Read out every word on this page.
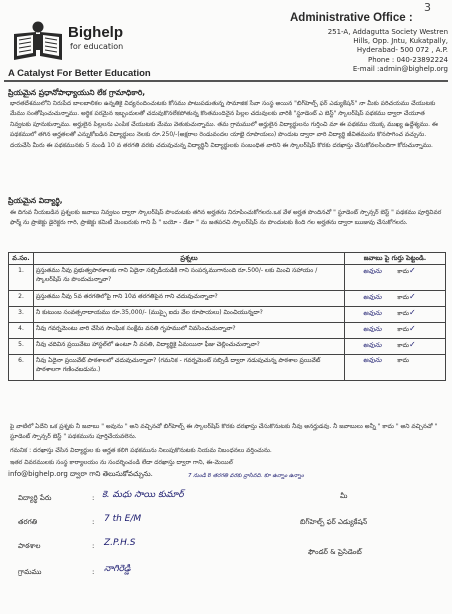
3
Bighelp
for education
Administrative Office :
251-A, Addagutta Society Westren
Hills, Opp. Jntu, Kukatpally,
Hyderabad- 500 072 , A.P.
Phone : 040-23892224
E-mail :admin@bighelp.org
A Catalyst For Better Education
ప్రియమైన ప్రధానోపాధ్యాయుని లేక గ్రామాధికారి,
భారతదేశములోని నిరుపేద బాలబాలికల ఉన్నతికై విద్యనందించుటకు కోసము పాటుపడుతున్న సామాజిక సేవా సంస్థ అయిన "బిగ్‌హెల్ప్ ఫర్ ఎడ్యుకేషన్" నా మీకు పరిచయము చేయుటకు మేము సంతోషించుచున్నాము. అర్థిక పరమైన ఇబ్బందులతో చదువుకొనలేకపోతున్న కొంతమందినైన పిల్లల చదువులకు వారికి "స్టూడెంట్ ఎ బెస్ట్" స్కాలర్‌షిప్ పథకము ద్వారా చేయూత నివ్వటకు పూనుకున్నాము. అర్హులైన పిల్లలను ఎంపిక చేయుటకు మేము వెతుకుచున్నాము. తమ గ్రామములో అర్హులైన విద్యార్థులను గుర్తించి మా ఈ పథకము యొక్క ముఖ్య ఉద్దేశ్యము. ఈ పథకములో తగిన అర్హతలతో ఎన్నుకోబడిన విద్యార్థులు నెలకు రూ.250/-(అక్షరాల రెండువందల యాభై రూపాయలు) పొందుట ద్వారా వారి విద్యార్థి జీవితమును కొనసాగించ వచ్చును. దయచేసి మీరు ఈ పథకమునకు 5 నుండి 10 వ తరగతి వరకు చదువుచున్న విద్యార్థినీ విద్యార్థులకు సంబంధిత వారిని ఈ స్కాలర్‌షిప్ కొరకు దరఖాస్తు చేసుకోవలసిందిగా కోరుచున్నాము.
ప్రియమైన విద్యార్థి,
ఈ దిగువ నీయబడిన ప్రశ్నలకు జవాబు నివ్వటం ద్వారా స్కాలర్‌షిప్ పొందుటకు తగిన అర్హతను నిరూపించుకోగలరు.ఒక వేళ అర్హత పొందినచో " స్టూడెంట్ స్పాన్సర్ బెస్ట్ " పథకము పూర్తివివర ఫార్మ్ ను ప్రాజెక్టు డైరెక్టరు గారి, ప్రాజెక్టు కమిటీ మెంబరుకు గాని పీ " బయో - డేటా " ను జతపరచి స్కాలర్‌షిప్ ను పొందుటకు కింది గల అర్హతను ద్వారా ఋజువు చేసుకోగలరు.
వ.సం.	ప్రశ్నలు	జవాబు పై గుర్తు పెట్టండి.
1.	ప్రస్తుతము నీవు ప్రభుత్వపాఠశాలకు గాని ఏదైనా సబ్సిడీయడికి గాని సంపర్కముగానుంది రూ.500/- లకు మించి సహాయం / స్కాలర్‌షిప్ ను పొందుచున్నావా?	అవును కాదు✓
2.	ప్రస్తుతము నీవు 5వ తరగతిలోపై గాని 10వ తరగతిపైన గాని చదువుచున్నావా?	అవును కాదు✓
3.	నీ కుటుంబ సంవత్సరాదాయము రూ.35,000/- (ముప్ఫై ఐదు వేల రూపాయలు) మించియున్నదా?	అవును కాదు✓
4.	నీవు గవర్నమెంటు వారి చేసిన సాంఘిక సంక్షేమ వసతి గృహములో నివసించుచున్నావా?	అవును కాదు✓
5.	నీవు చదివిన ప్రయివేటు హాస్టల్‌లో ఉంటూ నీ వసతి, విద్యార్థికై ఏమయినా ఫీజు చెల్లించుచున్నావా?	అవును కాదు✓
6.	నీవు ఏదైనా ప్రయివేట్ పాఠశాలలో చదువుచున్నావా? (గమనిక - గవర్నమెంట్ సబ్సిడీ ద్వారా నడుపుచున్న పాఠశాల ప్రయివేట్ పాఠశాలగా గణించబడును.)	అవును కాదు
పై వాటిలో ఏదేని ఒక ప్రశ్నకు నీ జవాబు " అవును " అని వచ్చినచో బిగ్‌హెల్ప్ ఈ స్కాలర్‌షిప్ కొరకు దరఖాస్తు చేసుకొనుటకు నీవు అనర్హుడవు. నీ జవాబులు అన్నీ " కాదు " అని వచ్చినచో " స్టూడెంట్ స్పాన్సర్ బెస్ట్ " పథకమును పూర్తిచేయవలెను.
గమనిక : దరఖాస్తు చేసిన విద్యార్థుల కు అర్హత కలిగి పథకమును నిలుపుకొనుటకు నియమ నిబంధనలు వర్తించును.
ఇతర వివరములకు సంస్థ కార్యాలయం ను సందర్శించండి లేదా దరఖాస్తు ద్వారా గాని, ఈ-మెయిల్
info@bighelp.org ద్వారా గాని తెలుసుకోవచ్చును.	7 నుండి 8 తరగతి వరకు వ్రాసినది. కూ ఉన్నాం ఉన్నాం
విద్యార్థి పేరు	: కె. మధు సాయి కుమార్
తరగతి	: 7 th E/M
పాఠశాల	: Z.P.H.S
గ్రామము	: నాగిరెడ్డి
మీ
బిగ్‌హెల్ప్ ఫర్ ఎడ్యుకేషన్
ఫౌండర్ & ప్రెసిడెంట్
